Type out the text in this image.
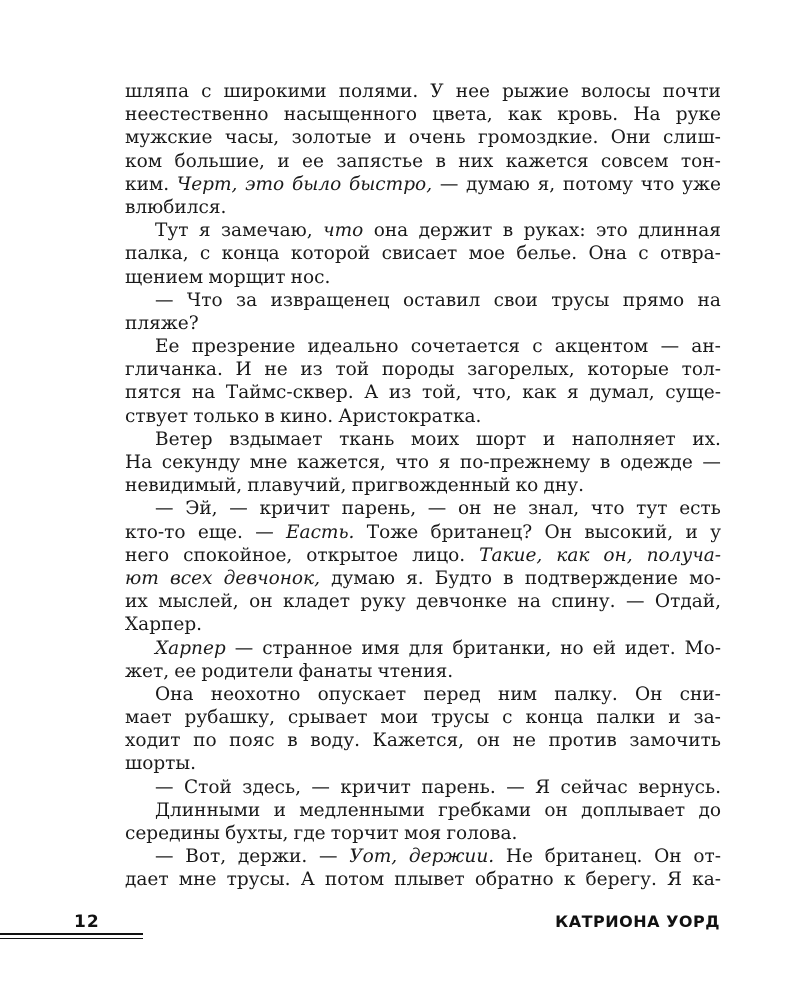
шляпа с широкими полями. У нее рыжие волосы почти
неестественно насыщенного цвета, как кровь. На руке
мужские часы, золотые и очень громоздкие. Они слиш-
ком большие, и ее запястье в них кажется совсем тон-
ким. Черт, это было быстро, — думаю я, потому что уже
влюбился.
Тут я замечаю, что она держит в руках: это длинная
палка, с конца которой свисает мое белье. Она с отвра-
щением морщит нос.
— Что за извращенец оставил свои трусы прямо на
пляже?
Ее презрение идеально сочетается с акцентом — ан-
гличанка. И не из той породы загорелых, которые тол-
пятся на Таймс-сквер. А из той, что, как я думал, суще-
ствует только в кино. Аристократка.
Ветер вздымает ткань моих шорт и наполняет их.
На секунду мне кажется, что я по-прежнему в одежде —
невидимый, плавучий, пригвожденный ко дну.
— Эй, — кричит парень, — он не знал, что тут есть
кто-то еще. — Еасть. Тоже британец? Он высокий, и у
него спокойное, открытое лицо. Такие, как он, получа-
ют всех девчонок, думаю я. Будто в подтверждение мо-
их мыслей, он кладет руку девчонке на спину. — Отдай,
Харпер.
Харпер — странное имя для британки, но ей идет. Мо-
жет, ее родители фанаты чтения.
Она неохотно опускает перед ним палку. Он сни-
мает рубашку, срывает мои трусы с конца палки и за-
ходит по пояс в воду. Кажется, он не против замочить
шорты.
— Стой здесь, — кричит парень. — Я сейчас вернусь.
Длинными и медленными гребками он доплывает до
середины бухты, где торчит моя голова.
— Вот, держи. — Уот, держии. Не британец. Он от-
дает мне трусы. А потом плывет обратно к берегу. Я ка-
12	КАТРИОНА УОРД
